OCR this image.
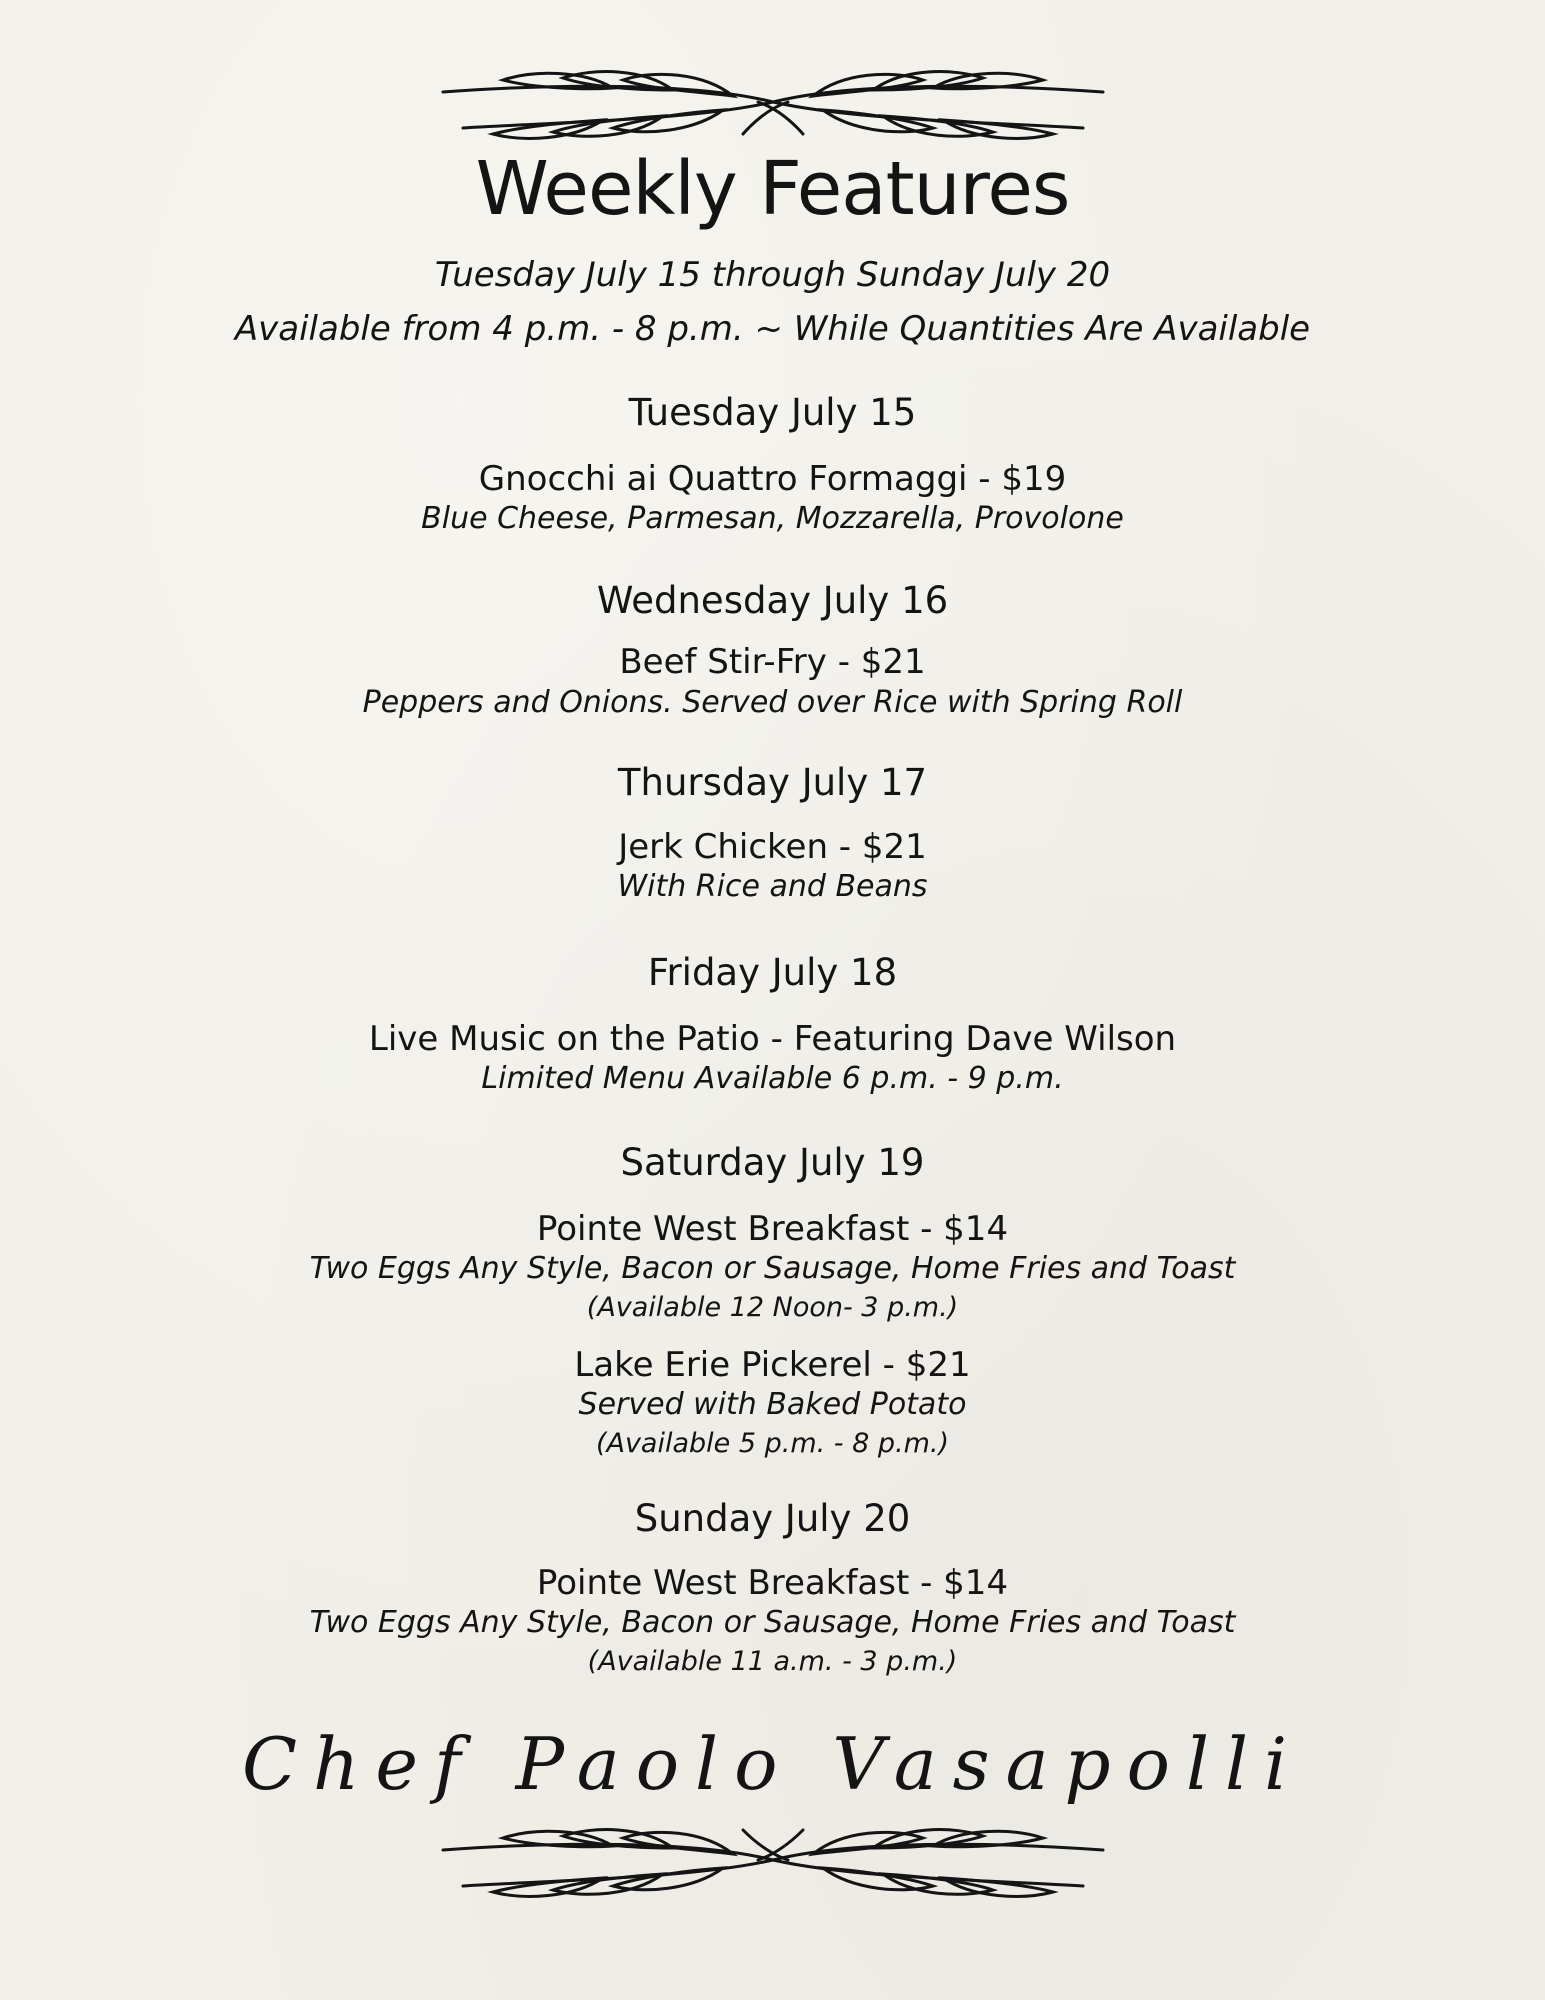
Weekly Features
Tuesday July 15 through Sunday July 20
Available from 4 p.m. - 8 p.m. ~ While Quantities Are Available
Tuesday July 15
Gnocchi ai Quattro Formaggi - $19
Blue Cheese, Parmesan, Mozzarella, Provolone
Wednesday July 16
Beef Stir-Fry - $21
Peppers and Onions. Served over Rice with Spring Roll
Thursday July 17
Jerk Chicken - $21
With Rice and Beans
Friday July 18
Live Music on the Patio - Featuring Dave Wilson
Limited Menu Available 6 p.m. - 9 p.m.
Saturday July 19
Pointe West Breakfast - $14
Two Eggs Any Style, Bacon or Sausage, Home Fries and Toast
(Available 12 Noon- 3 p.m.)
Lake Erie Pickerel - $21
Served with Baked Potato
(Available 5 p.m. - 8 p.m.)
Sunday July 20
Pointe West Breakfast - $14
Two Eggs Any Style, Bacon or Sausage, Home Fries and Toast
(Available 11 a.m. - 3 p.m.)
Chef Paolo Vasapolli
